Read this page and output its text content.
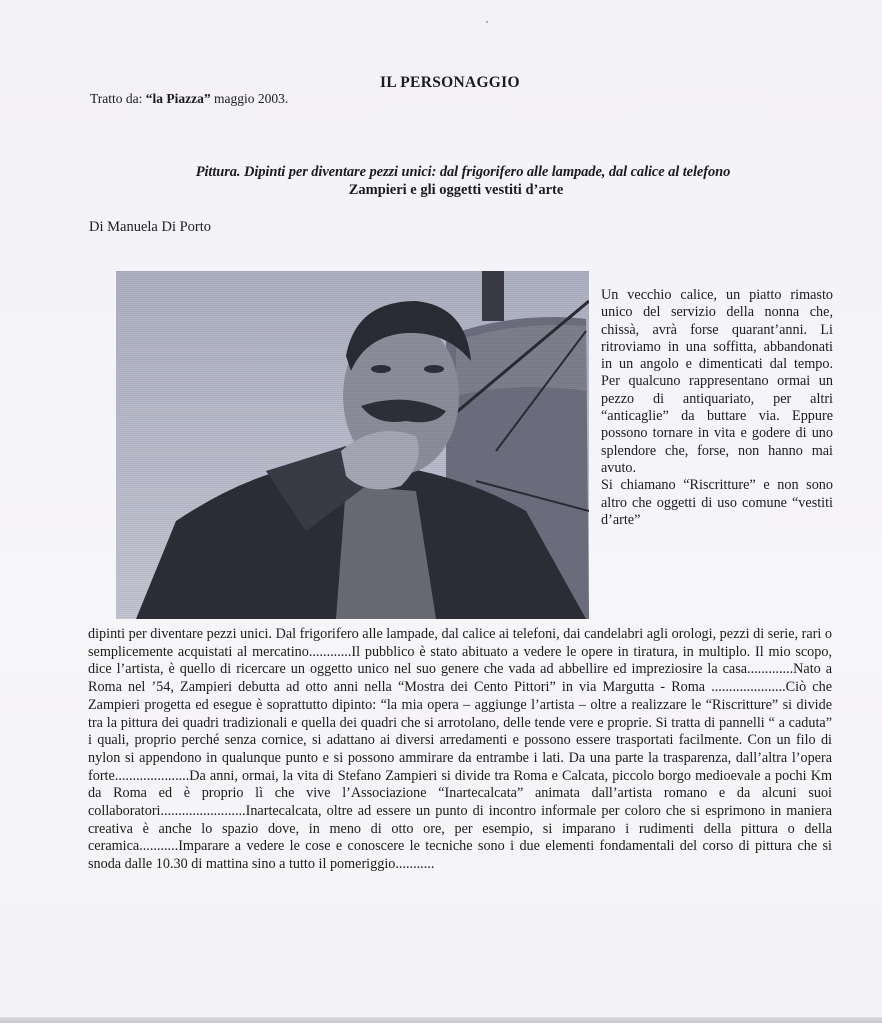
IL PERSONAGGIO

Tratto da: “la Piazza” maggio 2003.

Pittura. Dipinti per diventare pezzi unici: dal frigorifero alle lampade, dal calice al telefono
Zampieri e gli oggetti vestiti d’arte

Di Manuela Di Porto

Un vecchio calice, un piatto rimasto unico del servizio della nonna che, chissà, avrà forse quarant’anni. Li ritroviamo in una soffitta, abbandonati in un angolo e dimenticati dal tempo. Per qualcuno rappresentano ormai un pezzo di antiquariato, per altri “anticaglie” da buttare via. Eppure possono tornare in vita e godere di uno splendore che, forse, non hanno mai avuto.

Si chiamano “Riscritture” e non sono altro che oggetti di uso comune “vestiti d’arte”

dipinti per diventare pezzi unici. Dal frigorifero alle lampade, dal calice ai telefoni, dai candelabri agli orologi, pezzi di serie, rari o semplicemente acquistati al mercatino............Il pubblico è stato abituato a vedere le opere in tiratura, in multiplo. Il mio scopo, dice l’artista, è quello di ricercare un oggetto unico nel suo genere che vada ad abbellire ed impreziosire la casa.............Nato a Roma nel ’54, Zampieri debutta ad otto anni nella “Mostra dei Cento Pittori” in via Margutta - Roma .....................Ciò che Zampieri progetta ed esegue è soprattutto dipinto: “la mia opera – aggiunge l’artista – oltre a realizzare le “Riscritture” si divide tra la pittura dei quadri tradizionali e quella dei quadri che si arrotolano, delle tende vere e proprie. Si tratta di pannelli “ a caduta” i quali, proprio perché senza cornice, si adattano ai diversi arredamenti e possono essere trasportati facilmente. Con un filo di nylon si appendono in qualunque punto e si possono ammirare da entrambe i lati. Da una parte la trasparenza, dall’altra l’opera forte.....................Da anni, ormai, la vita di Stefano Zampieri si divide tra Roma e Calcata, piccolo borgo medioevale a pochi Km da Roma ed è proprio lì che vive l’Associazione “Inartecalcata” animata dall’artista romano e da alcuni suoi collaboratori........................Inartecalcata, oltre ad essere un punto di incontro informale per coloro che si esprimono in maniera creativa è anche lo spazio dove, in meno di otto ore, per esempio, si imparano i rudimenti della pittura o della ceramica...........Imparare a vedere le cose e conoscere le tecniche sono i due elementi fondamentali del corso di pittura che si snoda dalle 10.30 di mattina sino a tutto il pomeriggio...........
